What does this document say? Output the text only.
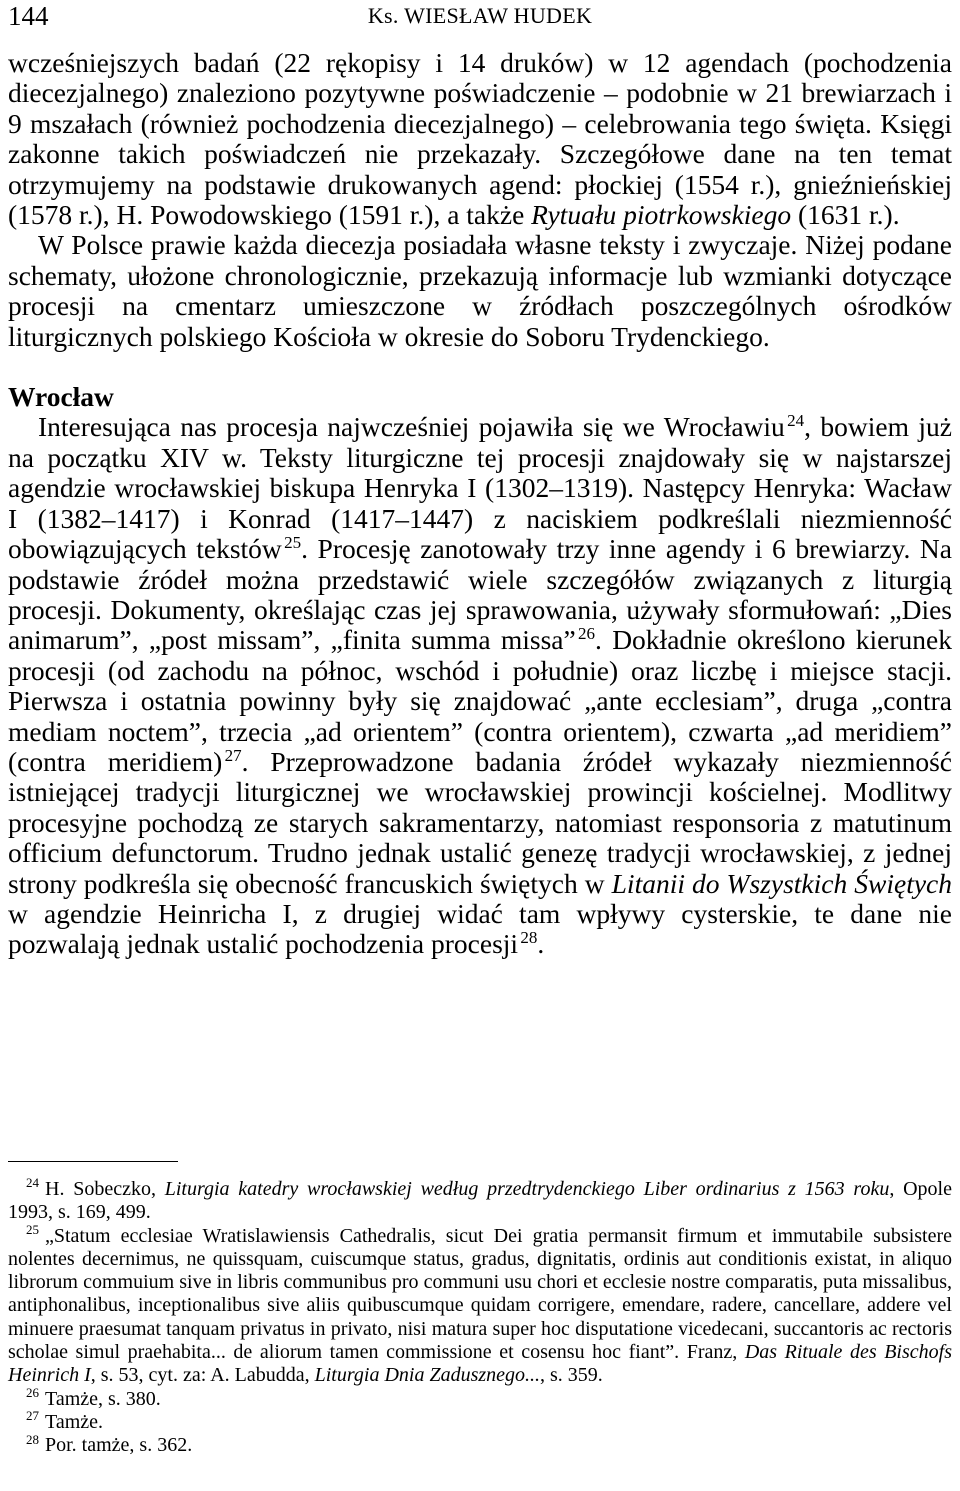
144	Ks. WIESŁAW HUDEK

wcześniejszych badań (22 rękopisy i 14 druków) w 12 agendach (pochodzenia diecezjalnego) znaleziono pozytywne poświadczenie – podobnie w 21 brewiarzach i 9 mszałach (również pochodzenia diecezjalnego) – celebrowania tego święta. Księgi zakonne takich poświadczeń nie przekazały. Szczegółowe dane na ten temat otrzymujemy na podstawie drukowanych agend: płockiej (1554 r.), gnieźnieńskiej (1578 r.), H. Powodowskiego (1591 r.), a także Rytuału piotrkowskiego (1631 r.).

W Polsce prawie każda diecezja posiadała własne teksty i zwyczaje. Niżej podane schematy, ułożone chronologicznie, przekazują informacje lub wzmianki dotyczące procesji na cmentarz umieszczone w źródłach poszczególnych ośrodków liturgicznych polskiego Kościoła w okresie do Soboru Trydenckiego.

Wrocław

Interesująca nas procesja najwcześniej pojawiła się we Wrocławiu  $^{24}$, bowiem już na początku XIV w. Teksty liturgiczne tej procesji znajdowały się w najstarszej agendzie wrocławskiej biskupa Henryka I (1302–1319). Następcy Henryka: Wacław I (1382–1417) i Konrad (1417–1447) z naciskiem podkreślali niezmienność obowiązujących tekstów  $^{25}$. Procesję zanotowały trzy inne agendy i 6 brewiarzy. Na podstawie źródeł można przedstawić wiele szczegółów związanych z liturgią procesji. Dokumenty, określając czas jej sprawowania, używały sformułowań: „Dies animarum”, „post missam”, „finita summa missa”  $^{26}$. Dokładnie określono kierunek procesji (od zachodu na północ, wschód i południe) oraz liczbę i miejsce stacji. Pierwsza i ostatnia powinny były się znajdować „ante ecclesiam”, druga „contra mediam noctem”, trzecia „ad orientem” (contra orientem), czwarta „ad meridiem” (contra meridiem)  $^{27}$. Przeprowadzone badania źródeł wykazały niezmienność istniejącej tradycji liturgicznej we wrocławskiej prowincji kościelnej. Modlitwy procesyjne pochodzą ze starych sakramentarzy, natomiast responsoria z matutinum officium defunctorum. Trudno jednak ustalić genezę tradycji wrocławskiej, z jednej strony podkreśla się obecność francuskich świętych w Litanii do Wszystkich Świętych w agendzie Heinricha I, z drugiej widać tam wpływy cysterskie, te dane nie pozwalają jednak ustalić pochodzenia procesji  $^{28}$.

24 H. Sobeczko, Liturgia katedry wrocławskiej według przedtrydenckiego Liber ordinarius z 1563 roku, Opole 1993, s. 169, 499.

25 „Statum ecclesiae Wratislawiensis Cathedralis, sicut Dei gratia permansit firmum et immutabile subsistere nolentes decernimus, ne quissquam, cuiscumque status, gradus, dignitatis, ordinis aut conditionis existat, in aliquo librorum commuium sive in libris communibus pro communi usu chori et ecclesie nostre comparatis, puta missalibus, antiphonalibus, inceptionalibus sive aliis quibuscumque quidam corrigere, emendare, radere, cancellare, addere vel minuere praesumat tanquam privatus in privato, nisi matura super hoc disputatione vicedecani, succantoris ac rectoris scholae simul praehabita... de aliorum tamen commissione et cosensu hoc fiant”. Franz, Das Rituale des Bischofs Heinrich I, s. 53, cyt. za: A. Labudda, Liturgia Dnia Zadusznego..., s. 359.

26 Tamże, s. 380.

27 Tamże.

28 Por. tamże, s. 362.
